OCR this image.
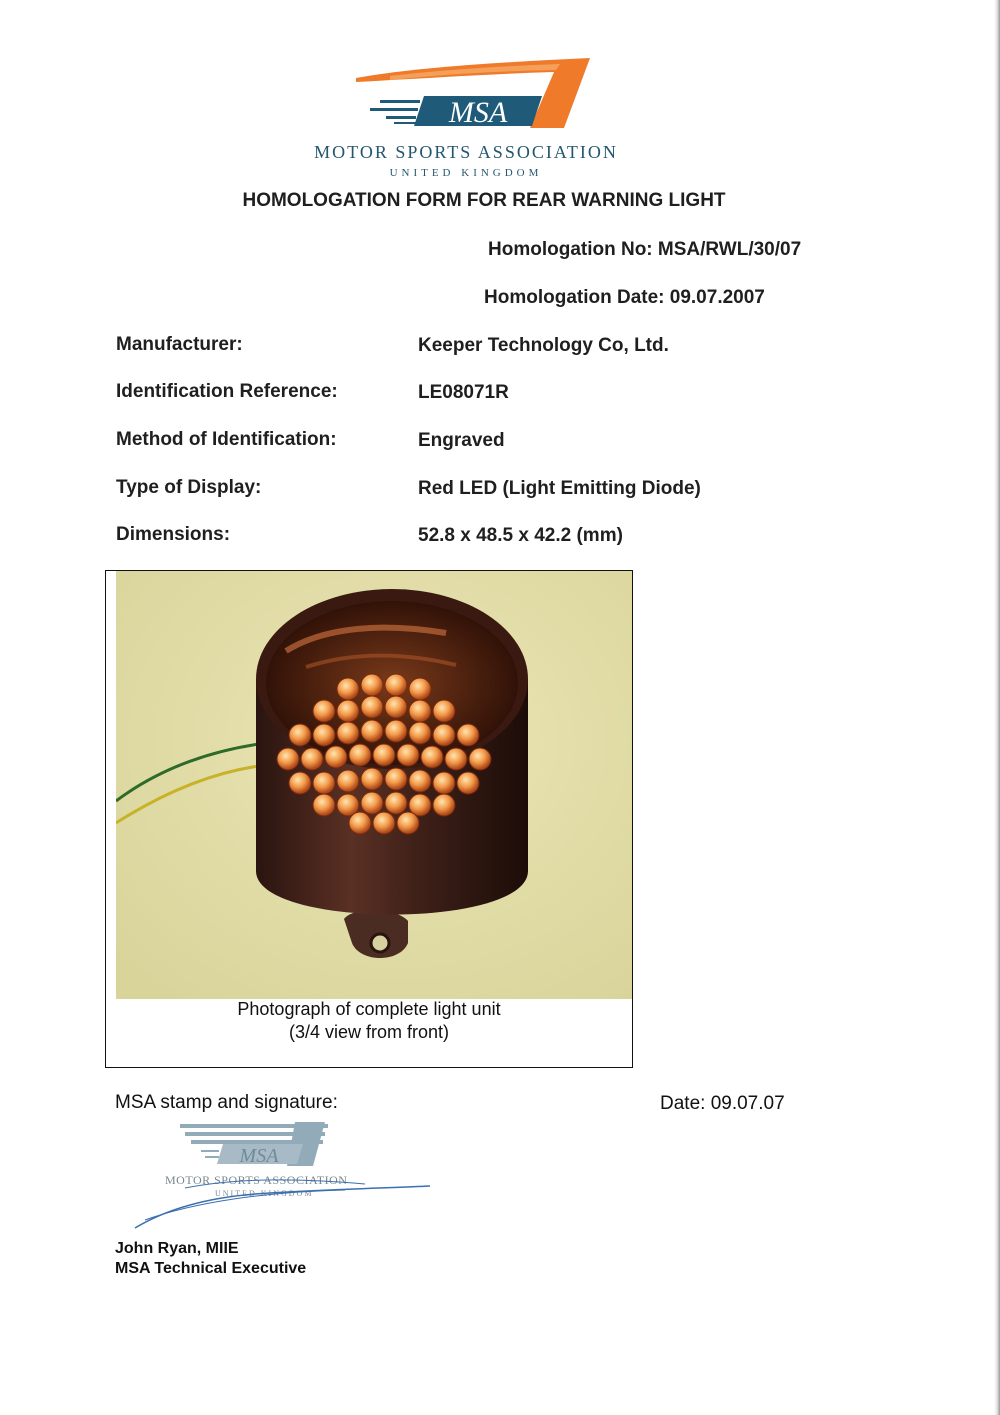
MSA
MOTOR SPORTS ASSOCIATION
UNITED KINGDOM
HOMOLOGATION FORM FOR REAR WARNING LIGHT
Homologation No: MSA/RWL/30/07
Homologation Date: 09.07.2007
Manufacturer:	Keeper Technology Co, Ltd.
Identification Reference:	LE08071R
Method of Identification:	Engraved
Type of Display:	Red LED (Light Emitting Diode)
Dimensions:	52.8 x 48.5 x 42.2 (mm)
Photograph of complete light unit
(3/4 view from front)
MSA stamp and signature:	Date: 09.07.07
MSA
MOTOR SPORTS ASSOCIATION
UNITED KINGDOM
John Ryan, MIIE
MSA Technical Executive
